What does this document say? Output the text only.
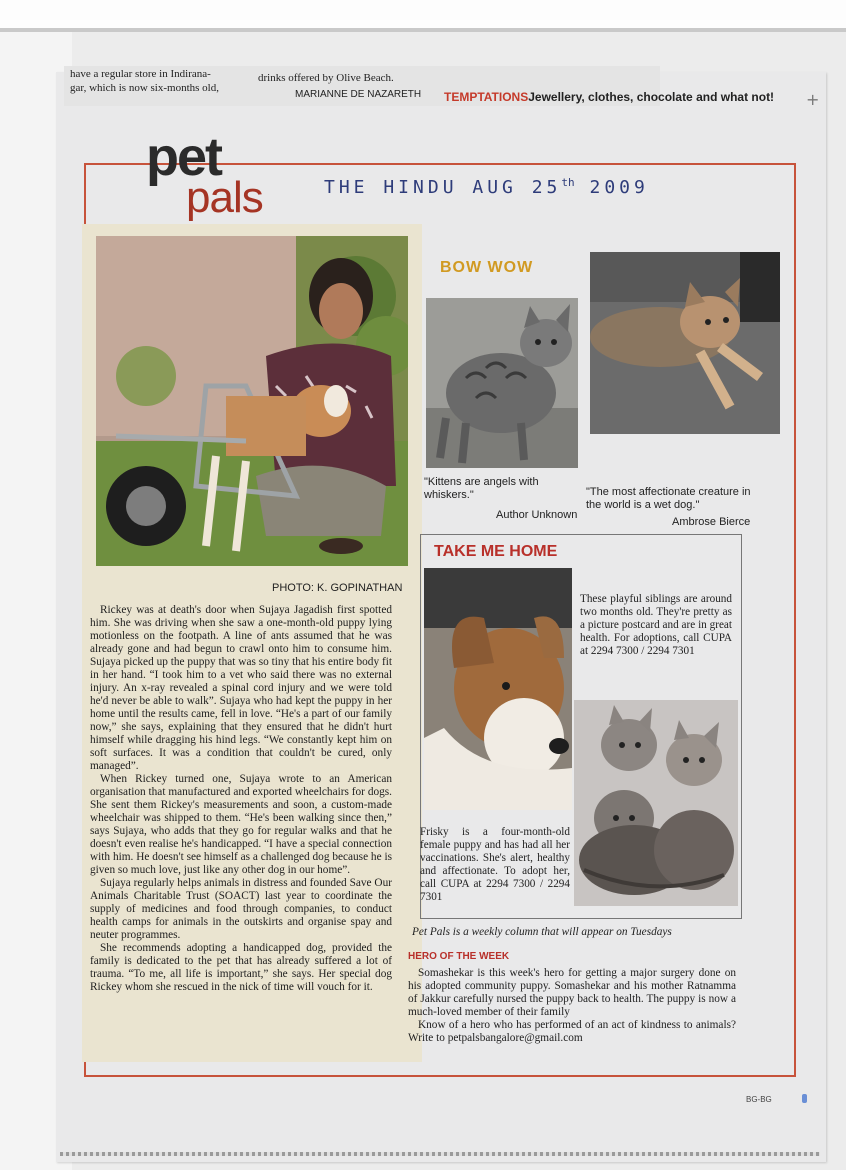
have a regular store in Indirana-
gar, which is now six-months old,
drinks offered by Olive Beach.
MARIANNE DE NAZARETH TEMPTATIONSJewellery, clothes, chocolate and what not! +
pet
pals	THE HINDU AUG 25th 2009
PHOTO: K. GOPINATHAN

Rickey was at death's door when Sujaya Jagadish first spotted him. She was driving when she saw a one-month-old puppy lying motionless on the footpath. A line of ants assumed that he was already gone and had begun to crawl onto him to consume him. Sujaya picked up the puppy that was so tiny that his entire body fit in her hand. “I took him to a vet who said there was no external injury. An x-ray revealed a spinal cord injury and we were told he'd never be able to walk”. Sujaya who had kept the puppy in her home until the results came, fell in love. “He's a part of our family now,” she says, explaining that they ensured that he didn't hurt himself while dragging his hind legs. “We constantly kept him on soft surfaces. It was a condition that couldn't be cured, only managed”.

When Rickey turned one, Sujaya wrote to an American organisation that manufactured and exported wheelchairs for dogs. She sent them Rickey's measurements and soon, a custom-made wheelchair was shipped to them. “He's been walking since then,” says Sujaya, who adds that they go for regular walks and that he doesn't even realise he's handicapped. “I have a special connection with him. He doesn't see himself as a challenged dog because he is given so much love, just like any other dog in our home”.

Sujaya regularly helps animals in distress and founded Save Our Animals Charitable Trust (SOACT) last year to coordinate the supply of medicines and food through companies, to conduct health camps for animals in the outskirts and organise spay and neuter programmes.

She recommends adopting a handicapped dog, provided the family is dedicated to the pet that has already suffered a lot of trauma. “To me, all life is important,” she says. Her special dog Rickey whom she rescued in the nick of time will vouch for it.

BOW WOW
"Kittens are angels with whiskers."
Author Unknown
"The most affectionate creature in the world is a wet dog."
Ambrose Bierce
TAKE ME HOME
These playful siblings are around two months old. They're pretty as a picture postcard and are in great health. For adoptions, call CUPA at 2294 7300 / 2294 7301
Frisky is a four-month-old female puppy and has had all her vaccinations. She's alert, healthy and affectionate. To adopt her, call CUPA at 2294 7300 / 2294 7301
Pet Pals is a weekly column that will appear on Tuesdays
HERO OF THE WEEK

Somashekar is this week's hero for getting a major surgery done on his adopted community puppy. Somashekar and his mother Ratnamma of Jakkur carefully nursed the puppy back to health. The puppy is now a much-loved member of their family

Know of a hero who has performed of an act of kindness to animals? Write to petpalsbangalore@gmail.com

BG-BG
